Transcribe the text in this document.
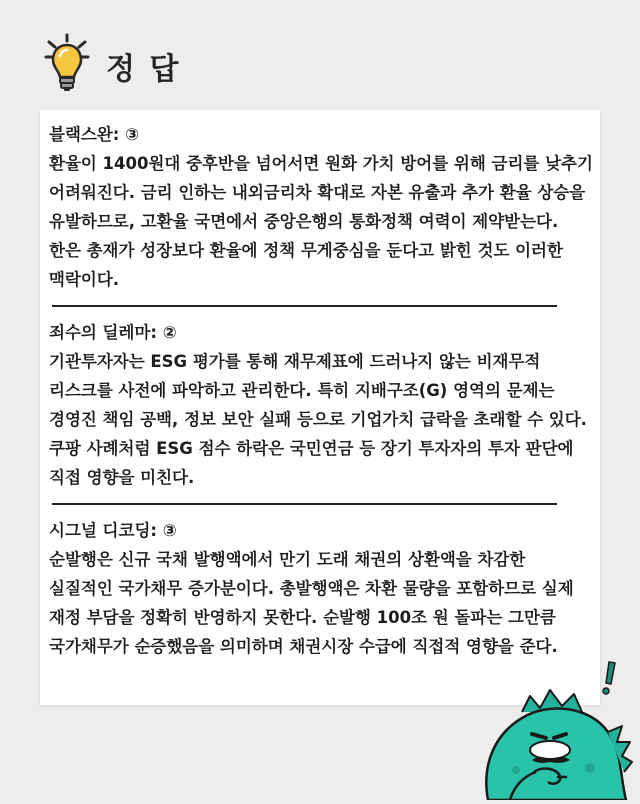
정 답
블랙스완: ③
환율이 1400원대 중후반을 넘어서면 원화 가치 방어를 위해 금리를 낮추기 어려워진다. 금리 인하는 내외금리차 확대로 자본 유출과 추가 환율 상승을 유발하므로, 고환율 국면에서 중앙은행의 통화정책 여력이 제약받는다. 한은 총재가 성장보다 환율에 정책 무게중심을 둔다고 밝힌 것도 이러한 맥락이다.
죄수의 딜레마: ②
기관투자자는 ESG 평가를 통해 재무제표에 드러나지 않는 비재무적 리스크를 사전에 파악하고 관리한다. 특히 지배구조(G) 영역의 문제는 경영진 책임 공백, 정보 보안 실패 등으로 기업가치 급락을 초래할 수 있다. 쿠팡 사례처럼 ESG 점수 하락은 국민연금 등 장기 투자자의 투자 판단에 직접 영향을 미친다.
시그널 디코딩: ③
순발행은 신규 국채 발행액에서 만기 도래 채권의 상환액을 차감한 실질적인 국가채무 증가분이다. 총발행액은 차환 물량을 포함하므로 실제 재정 부담을 정확히 반영하지 못한다. 순발행 100조 원 돌파는 그만큼 국가채무가 순증했음을 의미하며 채권시장 수급에 직접적 영향을 준다.
